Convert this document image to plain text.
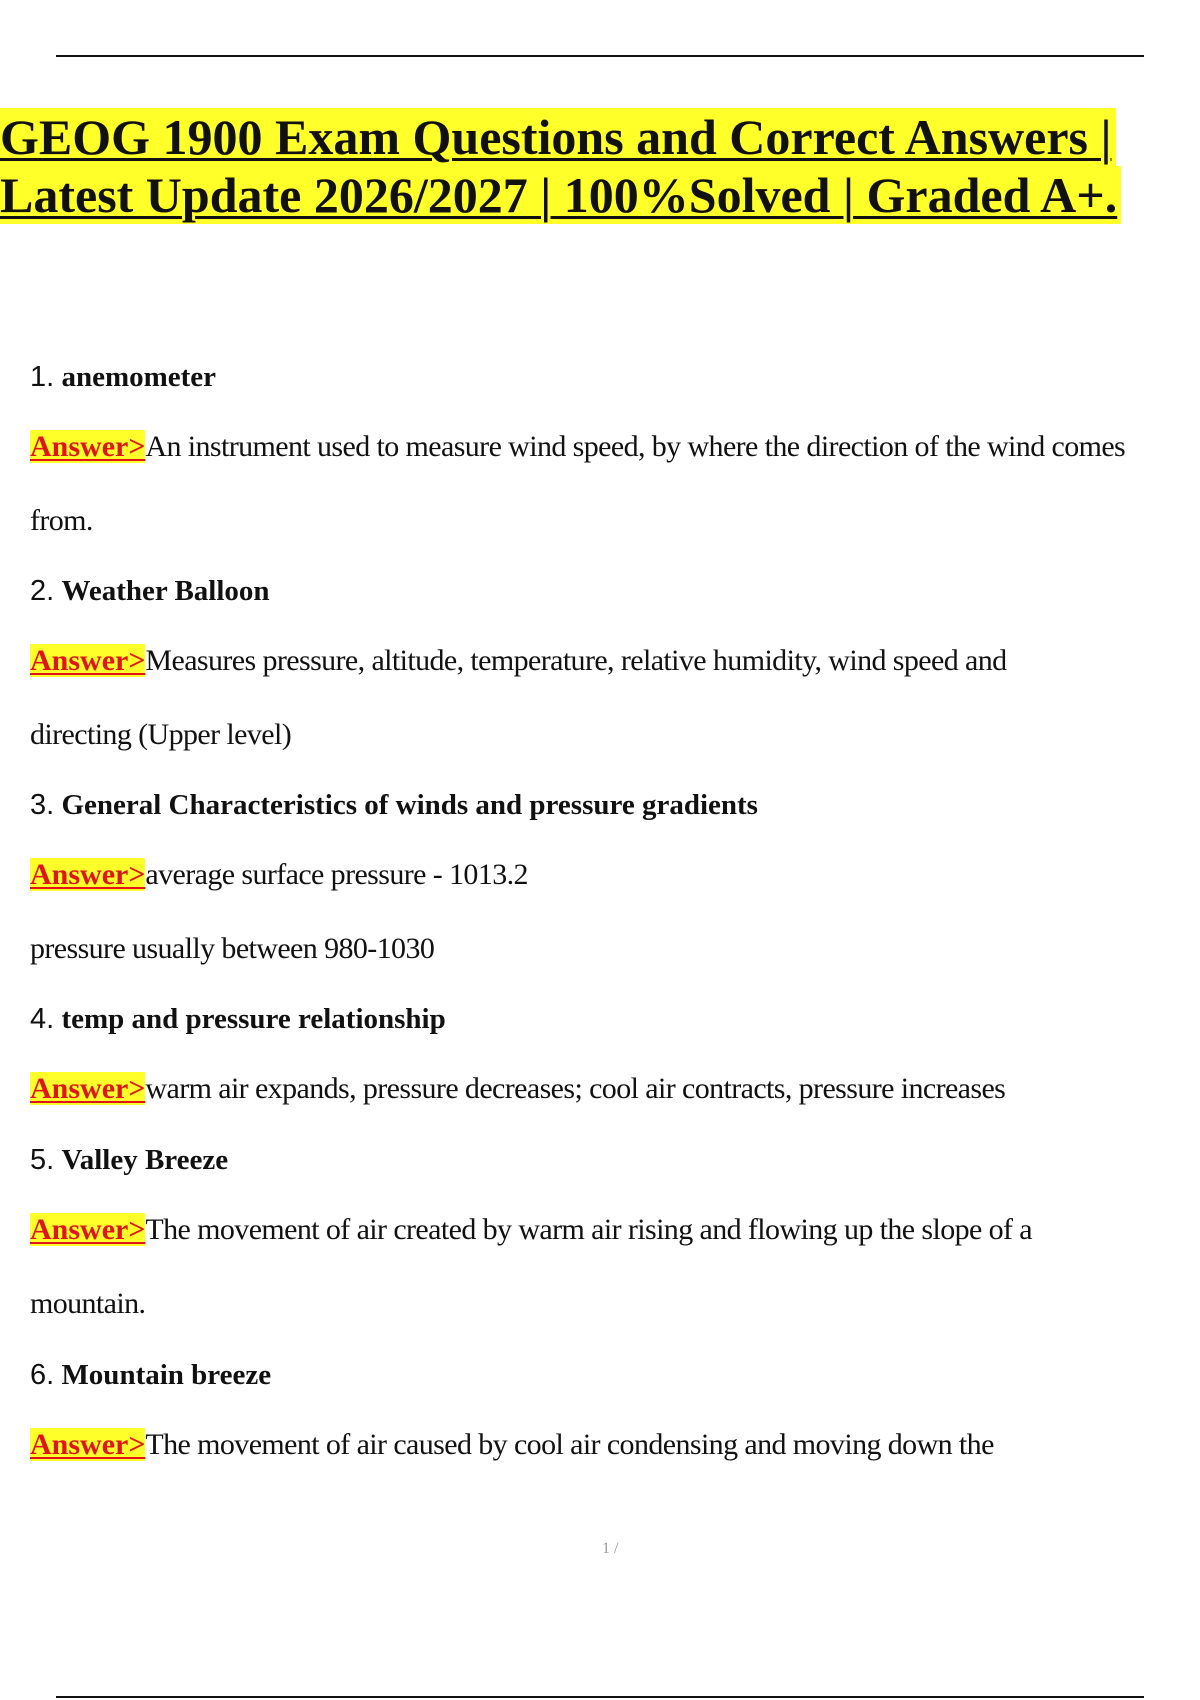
GEOG 1900 Exam Questions and Correct Answers |
Latest Update 2026/2027 | 100%Solved | Graded A+.

1. anemometer

Answer>An instrument used to measure wind speed, by where the direction of the wind comes

from.

2. Weather Balloon

Answer>Measures pressure, altitude, temperature, relative humidity, wind speed and

directing (Upper level)

3. General Characteristics of winds and pressure gradients

Answer>average surface pressure - 1013.2

pressure usually between 980-1030

4. temp and pressure relationship

Answer>warm air expands, pressure decreases; cool air contracts, pressure increases

5. Valley Breeze

Answer>The movement of air created by warm air rising and flowing up the slope of a

mountain.

6. Mountain breeze

Answer>The movement of air caused by cool air condensing and moving down the

1 /
